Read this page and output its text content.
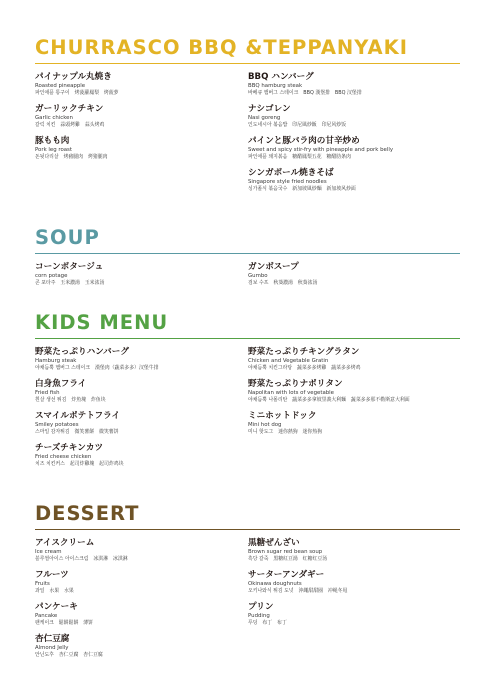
CHURRASCO BBQ &TEPPANYAKI
パイナップル丸焼き
Roasted pineapple
파인애플 통구이　烤菠蘿鳳梨　烤菠萝
ガーリックチキン
Garlic chicken
갈릭 치킨　蒜頭烤雞　蒜头烤鸡
豚もも肉
Pork leg roast
돈뒷다리살　烤豬腿肉　烤猪腿肉
BBQ ハンバーグ
BBQ hamburg steak
바베큐 햄버그 스테이크　BBQ 漢堡排　BBQ 汉堡排
ナシゴレン
Nasi goreng
인도네시아 볶음밥　印尼風炒飯　印尼风炒饭
パインと豚バラ肉の甘辛炒め
Sweet and spicy stir-fry with pineapple and pork belly
파인애플 돼지볶음　糖醋鳳梨五花　糖醋肋条肉
シンガポール焼きそば
Singapore style fried noodles
싱가폴식 볶음국수　新加坡風炒麵　新加坡风炒面
SOUP
コーンポタージュ
corn potage
콘 포타주　玉米濃湯　玉米浓汤
ガンボスープ
Gumbo
검보 수프　秋葵濃湯　秋葵浓汤
KIDS MENU
野菜たっぷりハンバーグ
Hamburg steak
야채듬뿍 햄버그 스테이크　漢堡肉（蔬菜多多）汉堡牛排
白身魚フライ
Fried fish
흰살 생선 튀김　炸魚塊　炸鱼块
スマイルポテトフライ
Smiley potatoes
스마일 감자튀김　微笑薯餅　微笑薯饼
チーズチキンカツ
Fried cheese chicken
치즈 치킨커스　起司炸雞塊　起司炸鸡块
野菜たっぷりチキングラタン
Chicken and Vegetable Gratin
야채듬뿍 치킨그라탕　蔬菜多多烤雞　蔬菜多多烤鸡
野菜たっぷりナポリタン
Napolitan with lots of vegetable
야채듬뿍 나폴리탄　蔬菜多多拿坡里義大利麵　蔬菜多多那不勒斯意大利面
ミニホットドック
Mini hot dog
미니 핫도그　迷你熱狗　迷你热狗
DESSERT
アイスクリーム
Ice cream
블루씰아이스 아이스크림　冰淇淋　冰淇淋
フルーツ
Fruits
과일　水果　水果
パンケーキ
Pancake
팬케이크　鬆餅鬆餅　薄饼
杏仁豆腐
Almond Jelly
안닌도후　杏仁豆腐　杏仁豆腐
黒糖ぜんざい
Brown sugar red bean soup
흑당 갈죽　黑糖紅豆湯　红糖红豆汤
サーターアンダギー
Okinawa doughnuts
오키나와식 튀김 도넛　沖繩甜甜圈　冲绳冬甩
プリン
Pudding
푸딩　布丁　布丁
